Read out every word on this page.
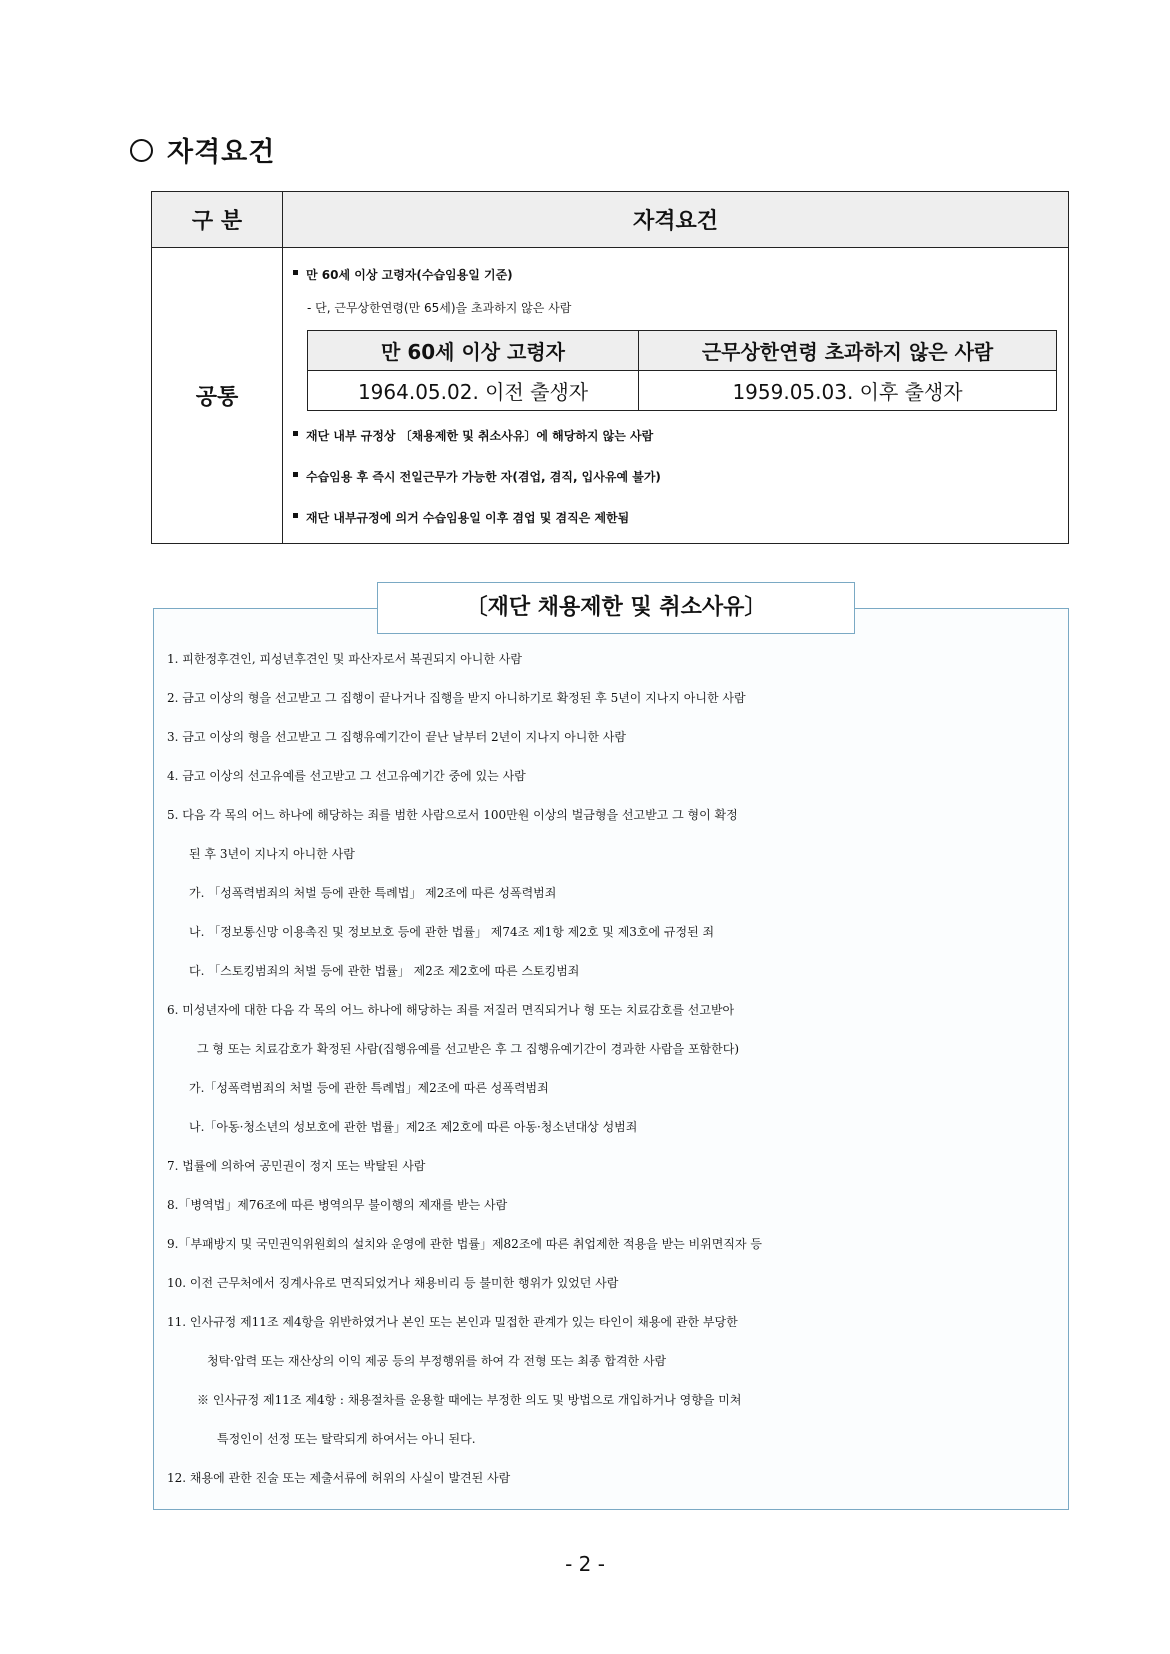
자격요건
구 분	자격요건
공통	
만 60세 이상 고령자(수습임용일 기준)
- 단, 근무상한연령(만 65세)을 초과하지 않은 사람
만 60세 이상 고령자	근무상한연령 초과하지 않은 사람
1964.05.02. 이전 출생자	1959.05.03. 이후 출생자
재단 내부 규정상 〔채용제한 및 취소사유〕에 해당하지 않는 사람
수습임용 후 즉시 전일근무가 가능한 자(겸업, 겸직, 입사유예 불가)
재단 내부규정에 의거 수습임용일 이후 겸업 및 겸직은 제한됨
〔재단 채용제한 및 취소사유〕
1. 피한정후견인, 피성년후견인 및 파산자로서 복권되지 아니한 사람
2. 금고 이상의 형을 선고받고 그 집행이 끝나거나 집행을 받지 아니하기로 확정된 후 5년이 지나지 아니한 사람
3. 금고 이상의 형을 선고받고 그 집행유예기간이 끝난 날부터 2년이 지나지 아니한 사람
4. 금고 이상의 선고유예를 선고받고 그 선고유예기간 중에 있는 사람
5. 다음 각 목의 어느 하나에 해당하는 죄를 범한 사람으로서 100만원 이상의 벌금형을 선고받고 그 형이 확정
된 후 3년이 지나지 아니한 사람
가. 「성폭력범죄의 처벌 등에 관한 특례법」 제2조에 따른 성폭력범죄
나. 「정보통신망 이용촉진 및 정보보호 등에 관한 법률」 제74조 제1항 제2호 및 제3호에 규정된 죄
다. 「스토킹범죄의 처벌 등에 관한 법률」 제2조 제2호에 따른 스토킹범죄
6. 미성년자에 대한 다음 각 목의 어느 하나에 해당하는 죄를 저질러 면직되거나 형 또는 치료감호를 선고받아
그 형 또는 치료감호가 확정된 사람(집행유예를 선고받은 후 그 집행유예기간이 경과한 사람을 포함한다)
가.「성폭력범죄의 처벌 등에 관한 특례법」제2조에 따른 성폭력범죄
나.「아동·청소년의 성보호에 관한 법률」제2조 제2호에 따른 아동·청소년대상 성범죄
7. 법률에 의하여 공민권이 정지 또는 박탈된 사람
8.「병역법」제76조에 따른 병역의무 불이행의 제재를 받는 사람
9.「부패방지 및 국민권익위원회의 설치와 운영에 관한 법률」제82조에 따른 취업제한 적용을 받는 비위면직자 등
10. 이전 근무처에서 징계사유로 면직되었거나 채용비리 등 불미한 행위가 있었던 사람
11. 인사규정 제11조 제4항을 위반하였거나 본인 또는 본인과 밀접한 관계가 있는 타인이 채용에 관한 부당한
청탁·압력 또는 재산상의 이익 제공 등의 부정행위를 하여 각 전형 또는 최종 합격한 사람
※ 인사규정 제11조 제4항 : 채용절차를 운용할 때에는 부정한 의도 및 방법으로 개입하거나 영향을 미쳐
특정인이 선정 또는 탈락되게 하여서는 아니 된다.
12. 채용에 관한 진술 또는 제출서류에 허위의 사실이 발견된 사람
- 2 -
